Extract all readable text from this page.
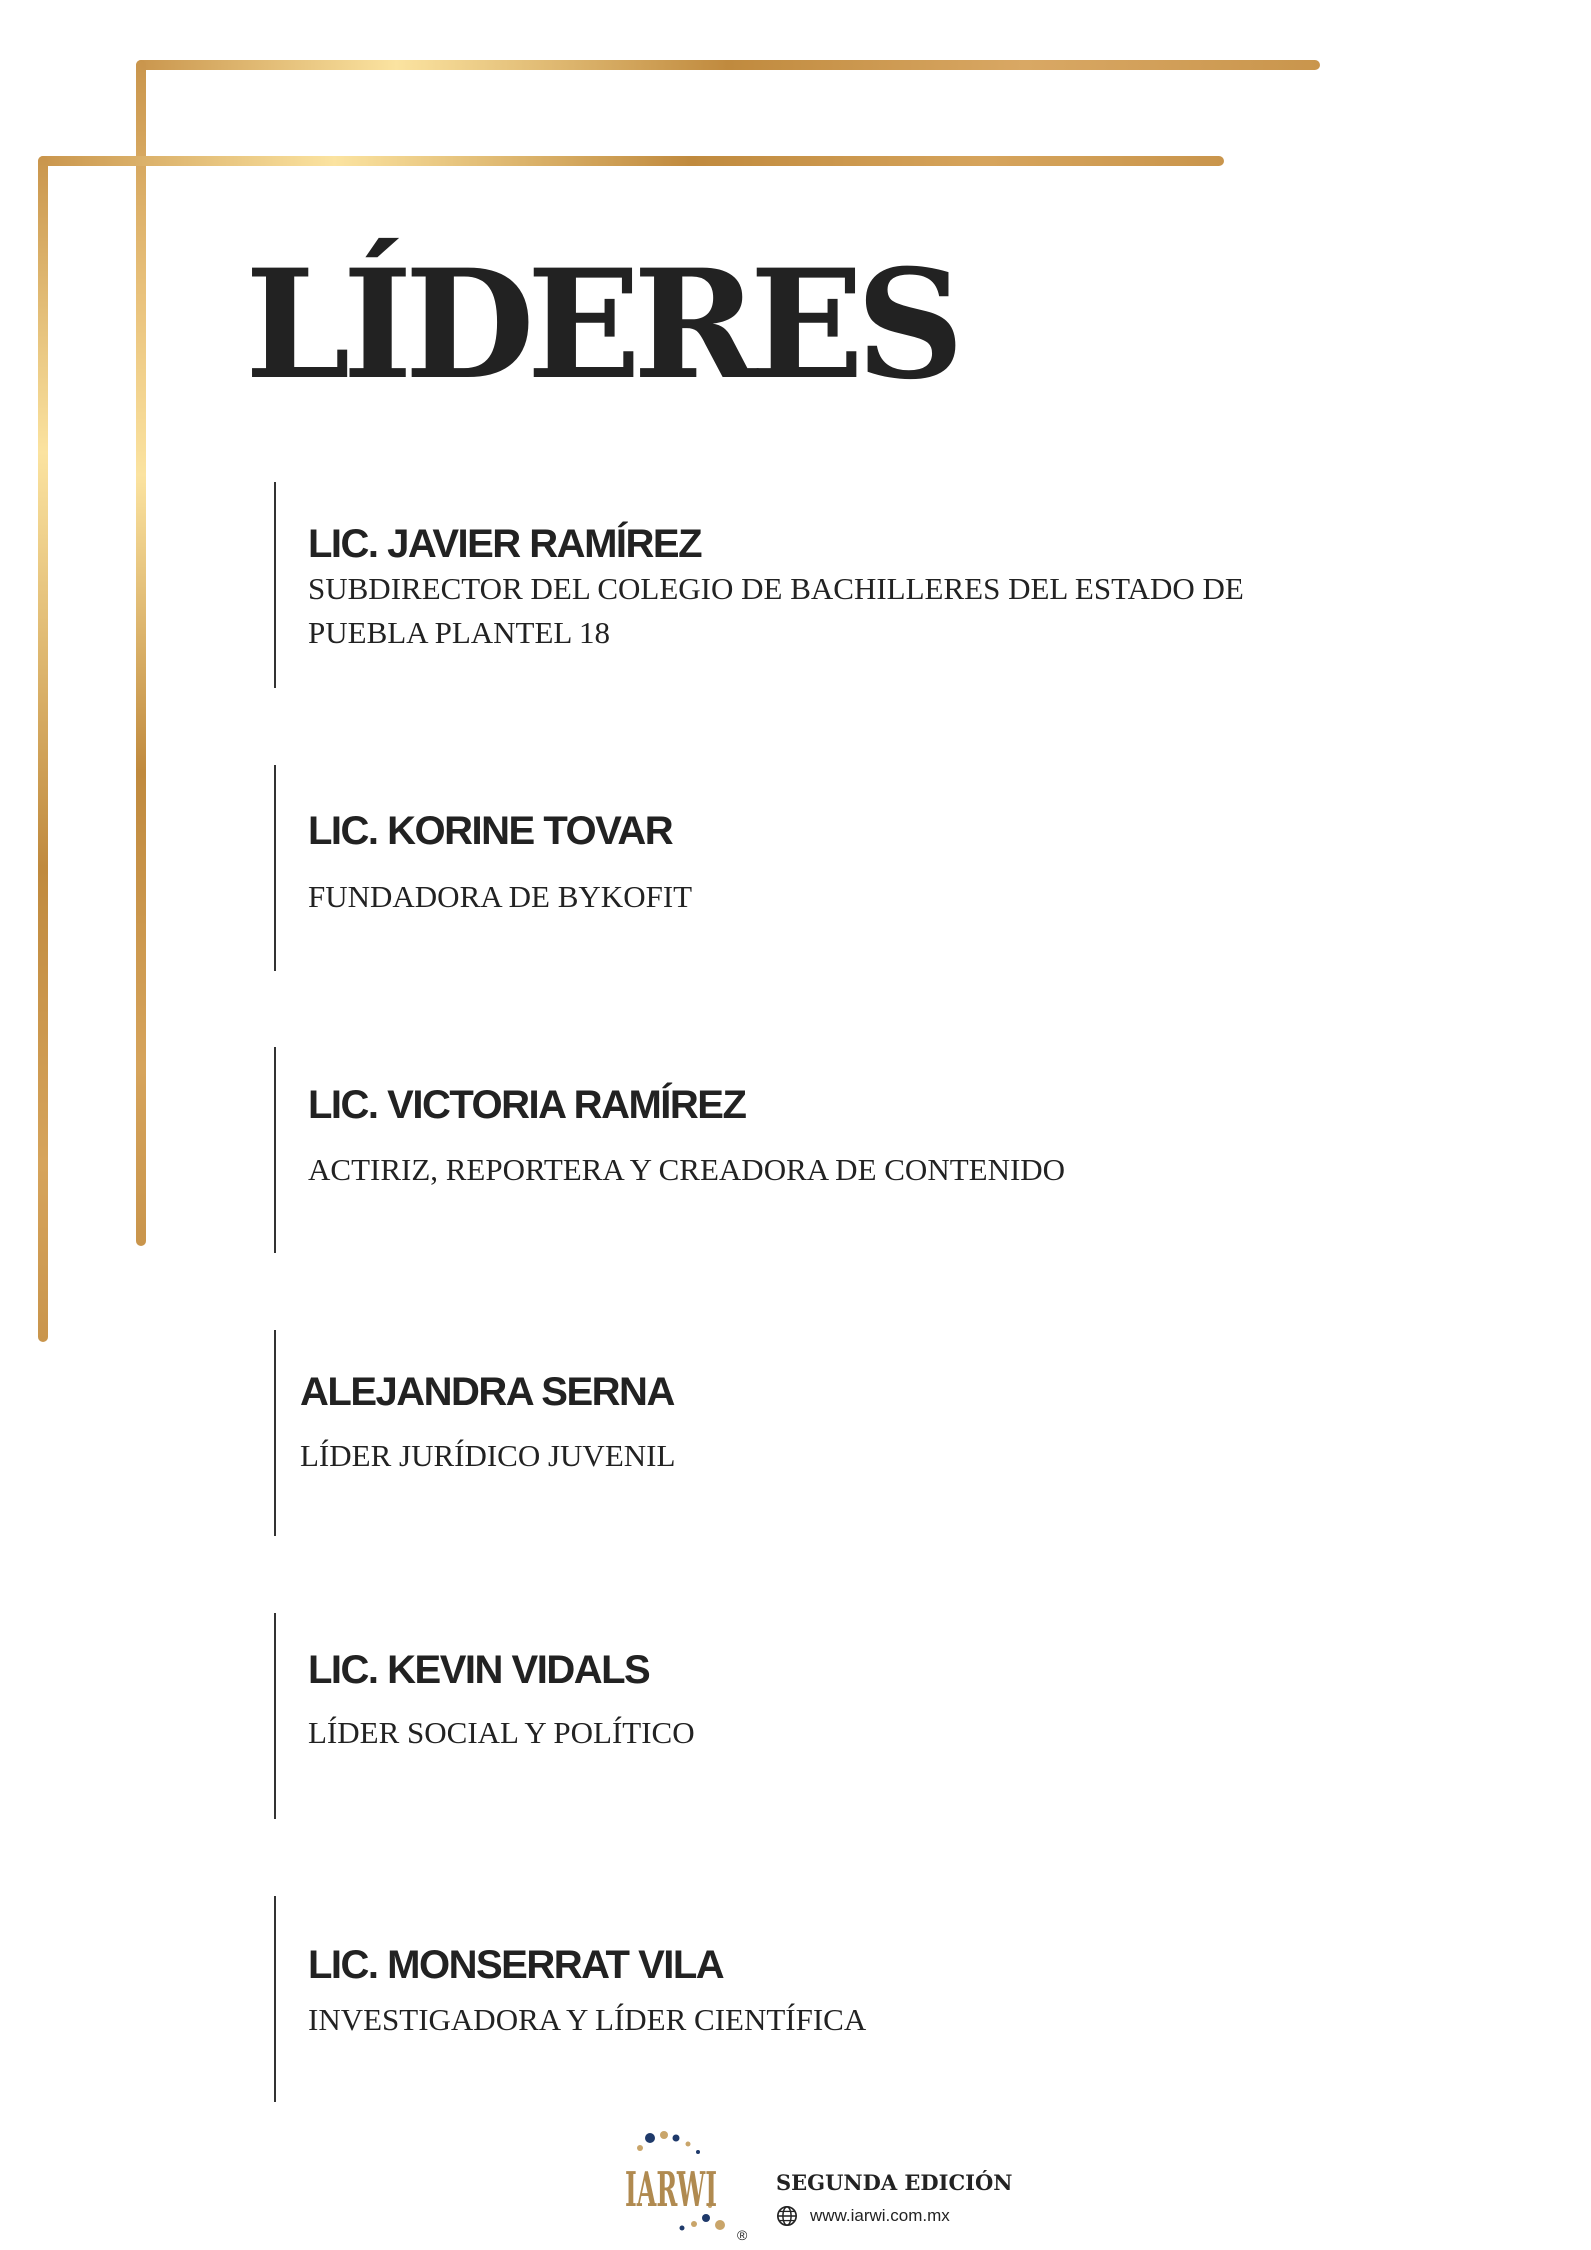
LÍDERES
LIC. JAVIER RAMÍREZ
SUBDIRECTOR DEL COLEGIO DE BACHILLERES DEL ESTADO DE PUEBLA PLANTEL 18
LIC. KORINE TOVAR
FUNDADORA DE BYKOFIT
LIC. VICTORIA RAMÍREZ
ACTIRIZ, REPORTERA Y CREADORA DE CONTENIDO
ALEJANDRA SERNA
LÍDER JURÍDICO JUVENIL
LIC. KEVIN VIDALS
LÍDER SOCIAL Y POLÍTICO
LIC. MONSERRAT VILA
INVESTIGADORA Y LÍDER CIENTÍFICA
IARWI
®
SEGUNDA EDICIÓN
www.iarwi.com.mx
